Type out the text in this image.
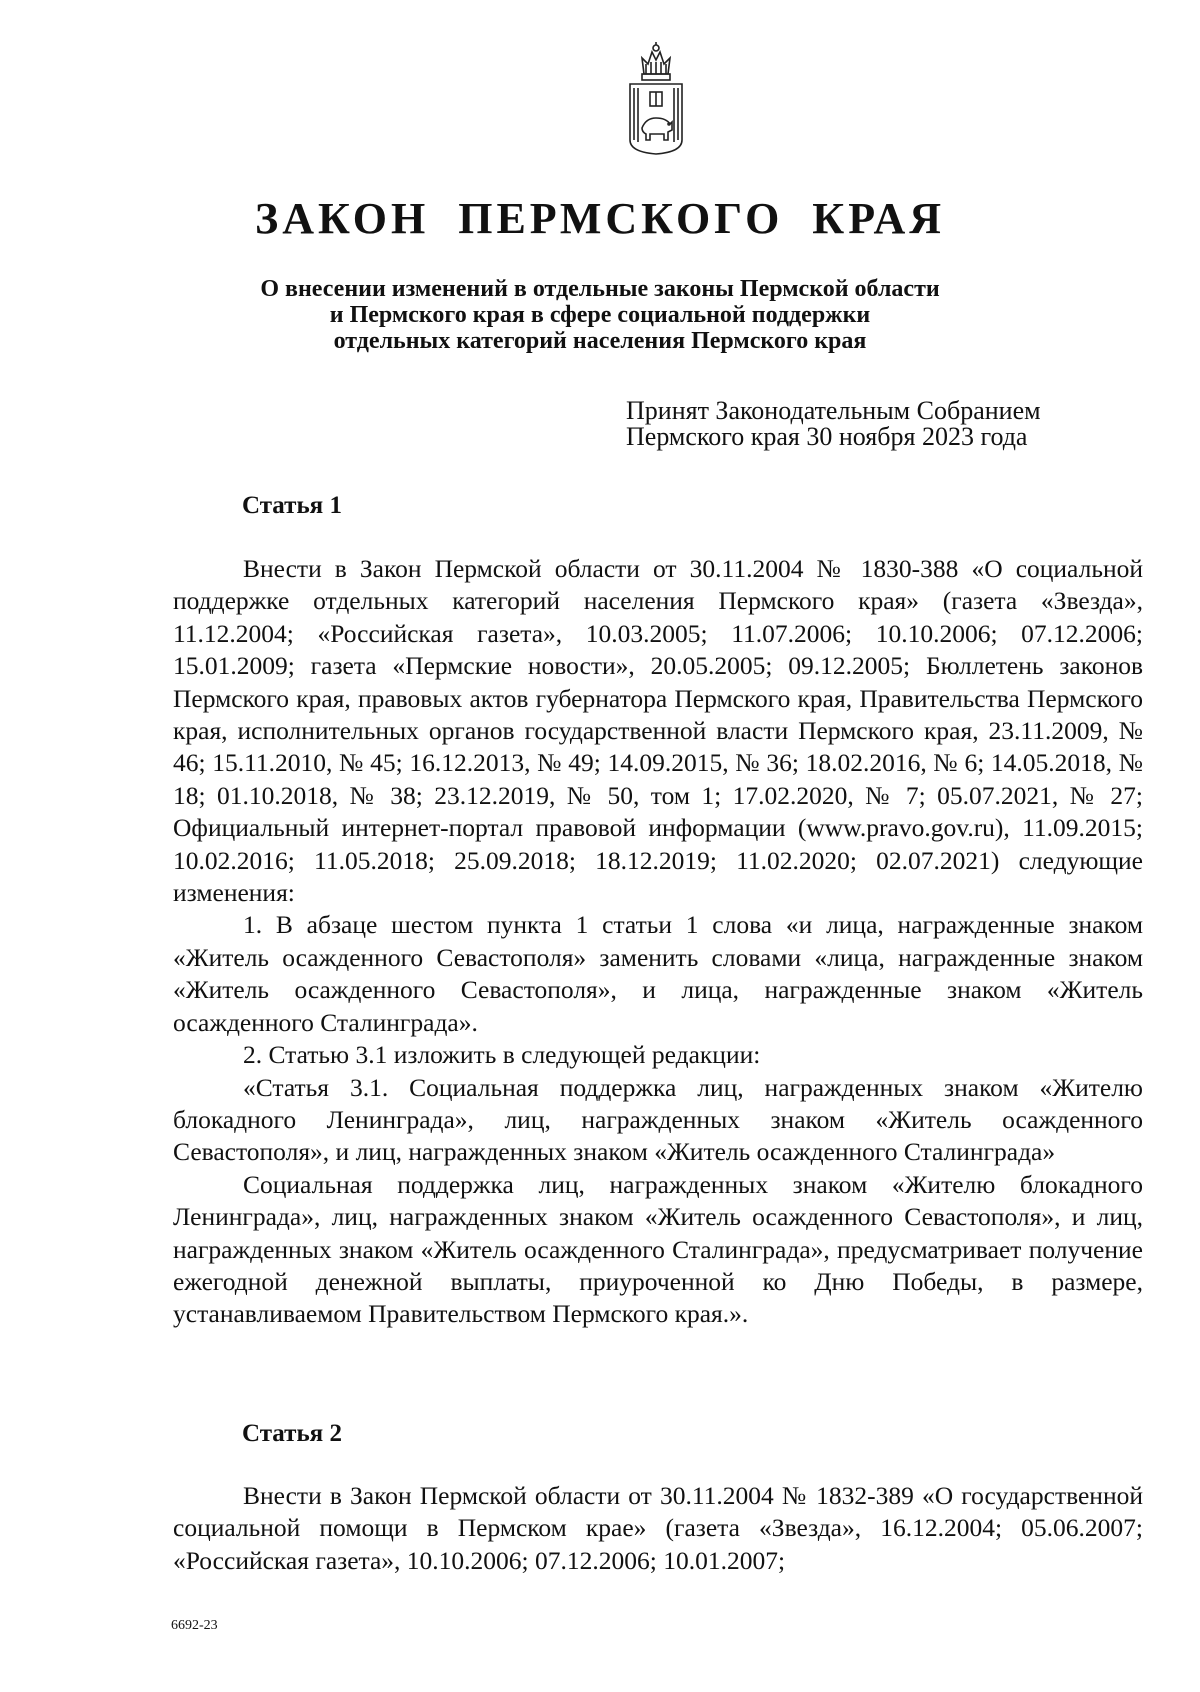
ЗАКОН ПЕРМСКОГО КРАЯ
О внесении изменений в отдельные законы Пермской области
и Пермского края в сфере социальной поддержки
отдельных категорий населения Пермского края
Принят Законодательным Собранием
Пермского края 30 ноября 2023 года
Статья 1

Внести в Закон Пермской области от 30.11.2004 № 1830-388 «О социальной поддержке отдельных категорий населения Пермского края» (газета «Звезда», 11.12.2004; «Российская газета», 10.03.2005; 11.07.2006; 10.10.2006; 07.12.2006; 15.01.2009; газета «Пермские новости», 20.05.2005; 09.12.2005; Бюллетень законов Пермского края, правовых актов губернатора Пермского края, Правительства Пермского края, исполнительных органов государственной власти Пермского края, 23.11.2009, № 46; 15.11.2010, № 45; 16.12.2013, № 49; 14.09.2015, № 36; 18.02.2016, № 6; 14.05.2018, № 18; 01.10.2018, № 38; 23.12.2019, № 50, том 1; 17.02.2020, № 7; 05.07.2021, № 27; Официальный интернет-портал правовой информации (www.pravo.gov.ru), 11.09.2015; 10.02.2016; 11.05.2018; 25.09.2018; 18.12.2019; 11.02.2020; 02.07.2021) следующие изменения:

1. В абзаце шестом пункта 1 статьи 1 слова «и лица, награжденные знаком «Житель осажденного Севастополя» заменить словами «лица, награжденные знаком «Житель осажденного Севастополя», и лица, награжденные знаком «Житель осажденного Сталинграда».

2. Статью 3.1 изложить в следующей редакции:

«Статья 3.1. Социальная поддержка лиц, награжденных знаком «Жителю блокадного Ленинграда», лиц, награжденных знаком «Житель осажденного Севастополя», и лиц, награжденных знаком «Житель осажденного Сталинграда»

Социальная поддержка лиц, награжденных знаком «Жителю блокадного Ленинграда», лиц, награжденных знаком «Житель осажденного Севастополя», и лиц, награжденных знаком «Житель осажденного Сталинграда», предусматривает получение ежегодной денежной выплаты, приуроченной ко Дню Победы, в размере, устанавливаемом Правительством Пермского края.».

Статья 2

Внести в Закон Пермской области от 30.11.2004 № 1832-389 «О государственной социальной помощи в Пермском крае» (газета «Звезда», 16.12.2004; 05.06.2007; «Российская газета», 10.10.2006; 07.12.2006; 10.01.2007;

6692-23
